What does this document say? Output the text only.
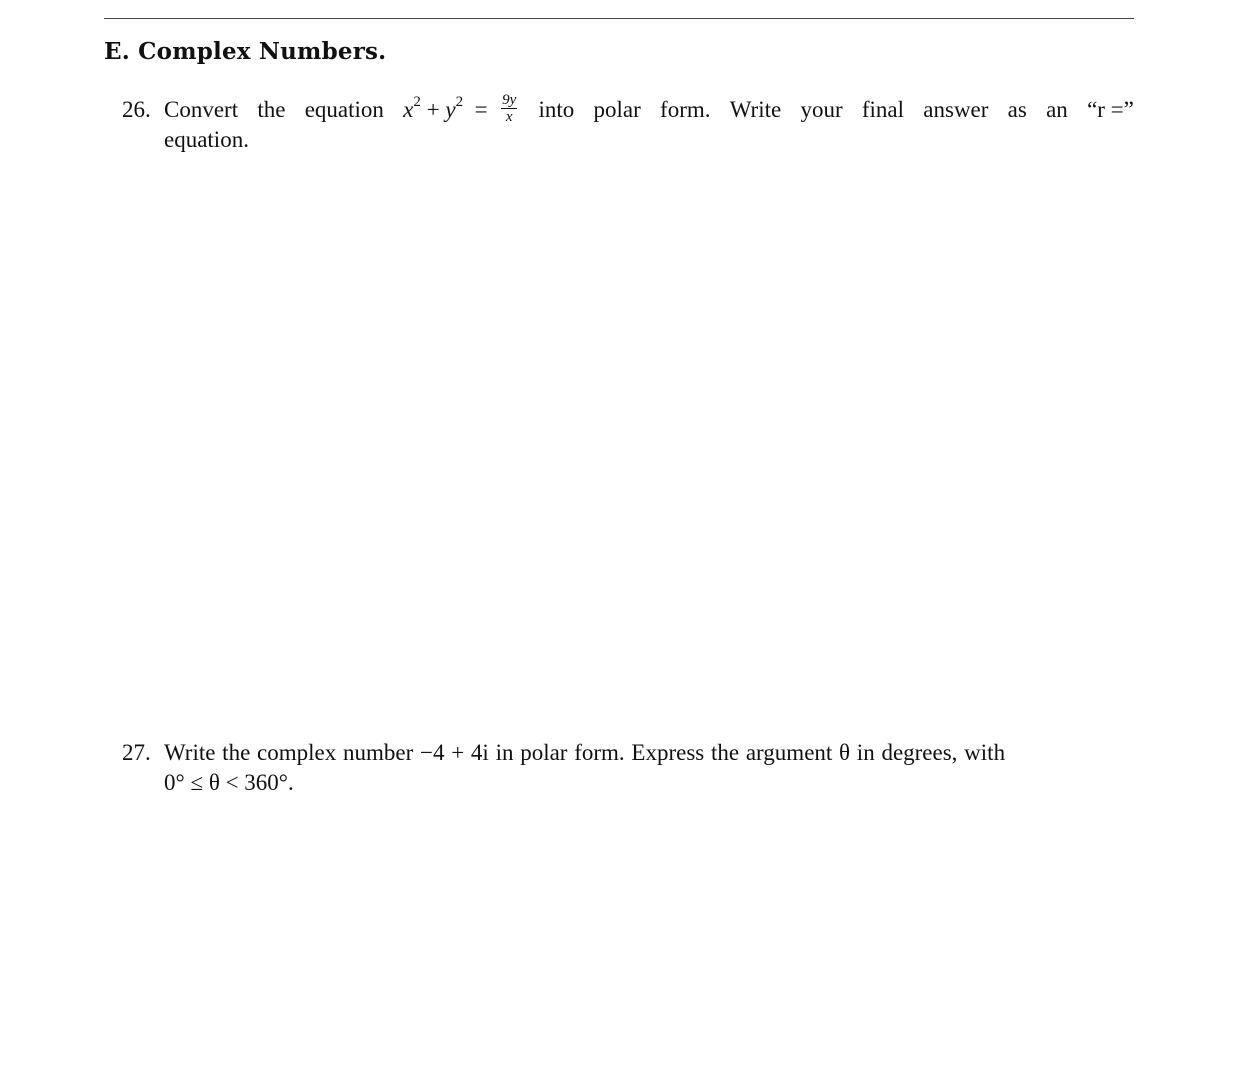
E. Complex Numbers.
26. Convert the equation $x^2 + y^2 = \frac{9y}{x}$ into polar form. Write your final answer as an “r =”
equation.
27. Write the complex number −4 + 4i in polar form. Express the argument θ in degrees, with
0° ≤ θ < 360°.
